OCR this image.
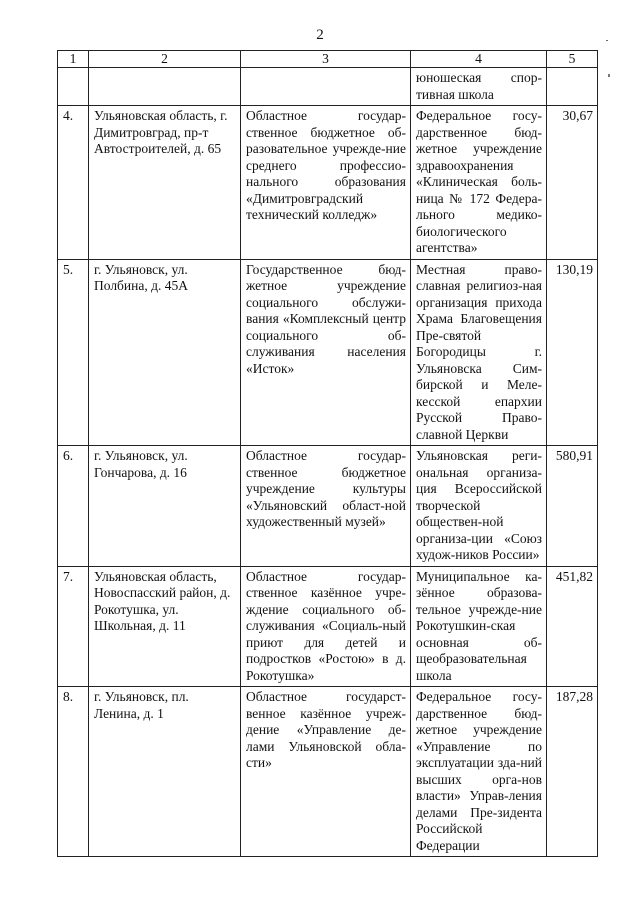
2
1	2	3	4	5
			юношеская спор-тивная школа	
4.	Ульяновская область, г. Димитровград, пр-т Автостроителей, д. 65	Областное государ-ственное бюджетное об-разовательное учрежде-ние среднего профессио-нального образования «Димитровградский технический колледж»	Федеральное госу-дарственное бюд-жетное учреждение здравоохранения «Клиническая боль-ница № 172 Федера-льного медико-биологического агентства»	30,67
5.	г. Ульяновск, ул. Полбина, д. 45А	Государственное бюд-жетное учреждение социального обслужи-вания «Комплексный центр социального об-служивания населения «Исток»	Местная право-славная религиоз-ная организация прихода Храма Благовещения Пре-святой Богородицы г. Ульяновска Сим-бирской и Меле-кесской епархии Русской Право-славной Церкви	130,19
6.	г. Ульяновск, ул. Гончарова, д. 16	Областное государ-ственное бюджетное учреждение культуры «Ульяновский област-ной художественный музей»	Ульяновская реги-ональная организа-ция Всероссийской творческой обществен-ной организа-ции «Союз худож-ников России»	580,91
7.	Ульяновская область, Новоспасский район, д. Рокотушка, ул. Школьная, д. 11	Областное государ-ственное казённое учре-ждение социального об-служивания «Социаль-ный приют для детей и подростков «Ростою» в д. Рокотушка»	Муниципальное ка-зённое образова-тельное учрежде-ние Рокотушкин-ская основная об-щеобразовательная школа	451,82
8.	г. Ульяновск, пл. Ленина, д. 1	Областное государст-венное казённое учреж-дение «Управление де-лами Ульяновской обла-сти»	Федеральное госу-дарственное бюд-жетное учреждение «Управление по эксплуатации зда-ний высших орга-нов власти» Управ-ления делами Пре-зидента Российской Федерации	187,28
